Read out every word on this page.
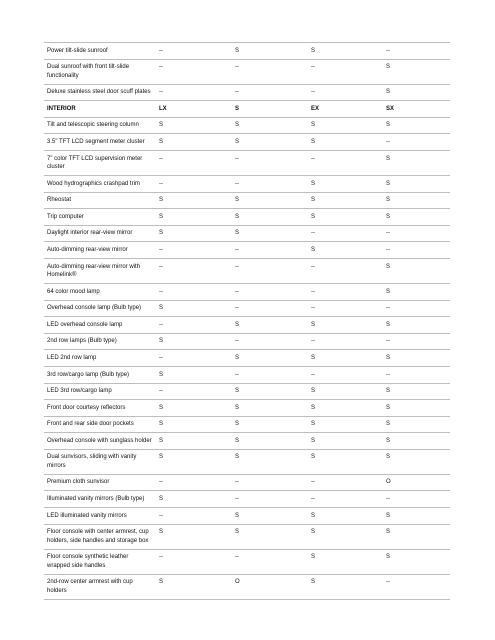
Power tilt-slide sunroof	--	S	S	--
Dual sunroof with front tilt-slide functionality	--	--	--	S
Deluxe stainless steel door scuff plates	--	--	--	S
INTERIOR	LX	S	EX	SX
Tilt and telescopic steering column	S	S	S	S
3.5" TFT LCD segment meter cluster	S	S	S	--
7" color TFT LCD supervision meter cluster	--	--	--	S
Wood hydrographics crashpad trim	--	--	S	S
Rheostat	S	S	S	S
Trip computer	S	S	S	S
Daylight interior rear-view mirror	S	S	--	--
Auto-dimming rear-view mirror	--	--	S	--
Auto-dimming rear-view mirror with Homelink®	--	--	--	S
64 color mood lamp	--	--	--	S
Overhead console lamp (Bulb type)	S	--	--	--
LED overhead console lamp	--	S	S	S
2nd row lamps (Bulb type)	S	--	--	--
LED 2nd row lamp	--	S	S	S
3rd row/cargo lamp (Bulb type)	S	--	--	--
LED 3rd row/cargo lamp	--	S	S	S
Front door courtesy reflectors	S	S	S	S
Front and rear side door pockets	S	S	S	S
Overhead console with sunglass holder	S	S	S	S
Dual sunvisors, sliding with vanity mirrors	S	S	S	S
Premium cloth sunvisor	--	--	--	O
Illuminated vanity mirrors (Bulb type)	S	--	--	--
LED illuminated vanity mirrors	--	S	S	S
Floor console with center armrest, cup holders, side handles and storage box	S	S	S	S
Floor console synthetic leather wrapped side handles	--	--	S	S
2nd-row center armrest with cup holders	S	O	S	--
